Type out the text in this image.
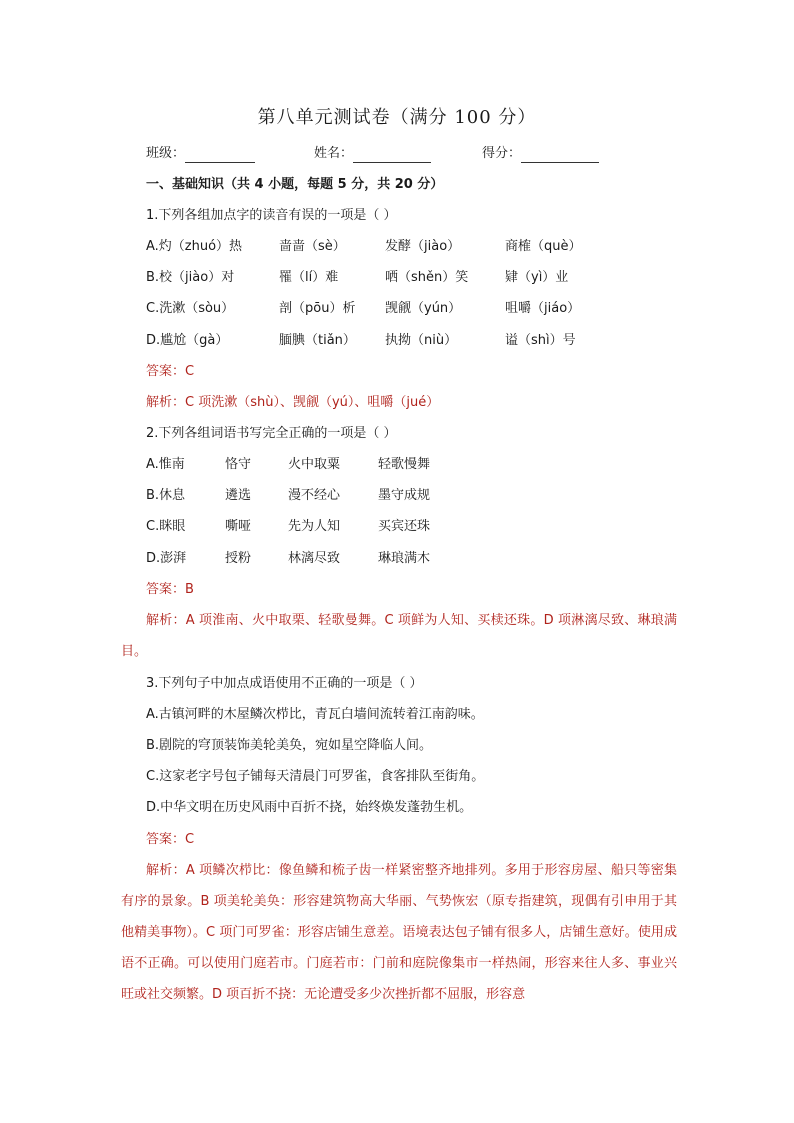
第八单元测试卷（满分 100 分）
班级：	姓名：	得分：
一、基础知识（共 4 小题，每题 5 分，共 20 分）
1.下列各组加点字的读音有误的一项是（ ）
A.灼（zhuó）热	啬啬（sè）	发酵（jiào）	商榷（què）
B.校（jiào）对	罹（lí）难	哂（shěn）笑	肄（yì）业
C.洗漱（sòu）	剖（pōu）析 觊觎（yún）	咀嚼（jiáo）
D.尴尬（gà）	腼腆（tiǎn） 执拗（niù）	谥（shì）号
答案：C
解析：C 项洗漱（shù）、觊觎（yú）、咀嚼（jué）
2.下列各组词语书写完全正确的一项是（ ）
A.惟南	恪守	火中取粟	轻歌慢舞
B.休息	遴选	漫不经心	墨守成规
C.眯眼	嘶哑	先为人知	买宾还珠
D.澎湃	授粉	林漓尽致	琳琅满木
答案：B
解析：A 项淮南、火中取栗、轻歌曼舞。C 项鲜为人知、买椟还珠。D 项淋漓尽致、琳琅满目。
3.下列句子中加点成语使用不正确的一项是（ ）
A.古镇河畔的木屋鳞次栉比，青瓦白墙间流转着江南韵味。
B.剧院的穹顶装饰美轮美奂，宛如星空降临人间。
C.这家老字号包子铺每天清晨门可罗雀，食客排队至街角。
D.中华文明在历史风雨中百折不挠，始终焕发蓬勃生机。
答案：C
解析：A 项鳞次栉比：像鱼鳞和梳子齿一样紧密整齐地排列。多用于形容房屋、船只等密集有序的景象。B 项美轮美奂：形容建筑物高大华丽、气势恢宏（原专指建筑，现偶有引申用于其他精美事物）。C 项门可罗雀：形容店铺生意差。语境表达包子铺有很多人，店铺生意好。使用成语不正确。可以使用门庭若市。门庭若市：门前和庭院像集市一样热闹，形容来往人多、事业兴旺或社交频繁。D 项百折不挠：无论遭受多少次挫折都不屈服，形容意
